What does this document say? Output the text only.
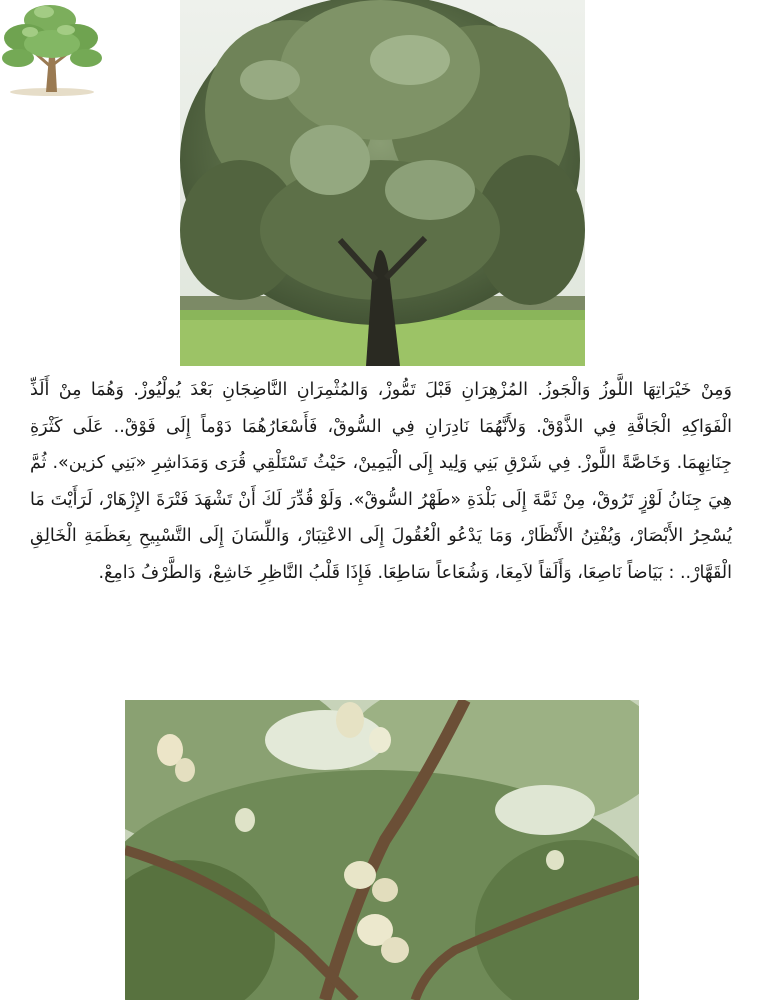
وَمِنْ خَيْرَاتِهَا اللَّوزُ وَالْجَوزُ. المُزْهِرَانِ قَبْلَ تَمُّوزْ، وَالمُثْمِرَانِ النَّاضِجَانِ بَعْدَ يُولْيُوزْ. وَهُمَا مِنْ أَلَذِّ الْفَوَاكِهِ الْجَافَّةِ فِي الذَّوْقْ. وَلأَنَّهُمَا نَادِرَانِ فِي السُّوقْ، فَأَسْعَارُهُمَا دَوْماً إِلَى فَوْقْ.. عَلَى كَثْرَةِ جِنَانِهِمَا. وَخَاصَّةً اللَّوزْ. فِي شَرْقِ بَنِي وَلِيد إِلَى الْيَمِينْ، حَيْثُ تَسْتَلْقِي قُرَى وَمَدَاشِرِ «بَنِي كزين». ثُمَّ هِيَ جِنَانُ لَوْزٍ تَرُوقْ، مِنْ ثَمَّةَ إِلَى بَلْدَةِ «طَهْرُ السُّوقْ». وَلَوْ قُدِّرَ لَكَ أَنْ تَشْهَدَ فَتْرَةَ الإِزْهَارْ، لَرَأَيْتَ مَا يُسْحِرُ الأَبْصَارْ، وَيُفْتِنُ الأَنْظَارْ، وَمَا يَدْعُو الْعُقُولَ إِلَى الاعْتِبَارْ، وَاللِّسَانَ إِلَى التَّسْبِيحِ بِعَظَمَةِ الْخَالِقِ الْقَهَّارْ.. : بَيَاضاً نَاصِعَا، وَأَلَقاً لاَمِعَا، وَشُعَاعاً سَاطِعَا. فَإِذَا قَلْبُ النَّاظِرِ خَاشِعْ، وَالطَّرْفُ دَامِعْ.
